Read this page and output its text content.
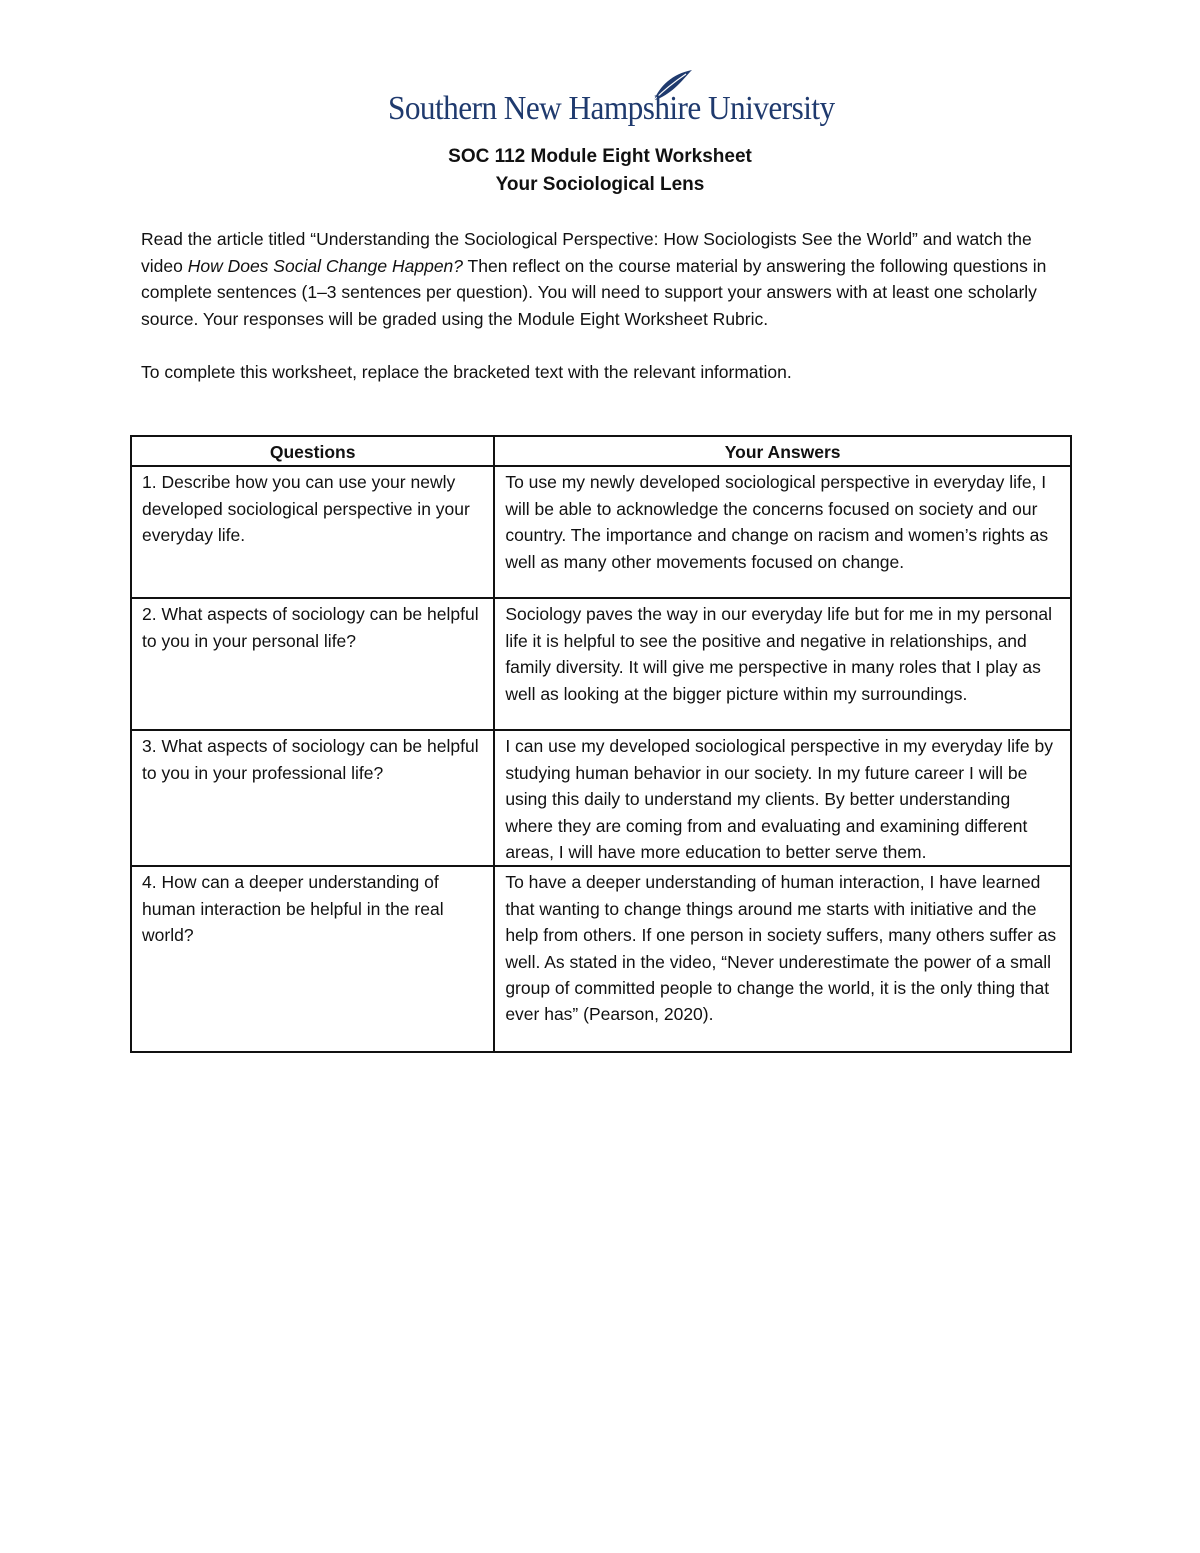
Southern New Hampshire University
SOC 112 Module Eight Worksheet
Your Sociological Lens

Read the article titled “Understanding the Sociological Perspective: How Sociologists See the World” and watch the video How Does Social Change Happen? Then reflect on the course material by answering the following questions in complete sentences (1–3 sentences per question). You will need to support your answers with at least one scholarly source. Your responses will be graded using the Module Eight Worksheet Rubric.

To complete this worksheet, replace the bracketed text with the relevant information.

Questions	Your Answers
1. Describe how you can use your newly developed sociological perspective in your everyday life.	To use my newly developed sociological perspective in everyday life, I will be able to acknowledge the concerns focused on society and our country. The importance and change on racism and women’s rights as well as many other movements focused on change.
2. What aspects of sociology can be helpful to you in your personal life?	Sociology paves the way in our everyday life but for me in my personal life it is helpful to see the positive and negative in relationships, and family diversity. It will give me perspective in many roles that I play as well as looking at the bigger picture within my surroundings.
3. What aspects of sociology can be helpful to you in your professional life?	I can use my developed sociological perspective in my everyday life by studying human behavior in our society. In my future career I will be using this daily to understand my clients. By better understanding where they are coming from and evaluating and examining different areas, I will have more education to better serve them.
4. How can a deeper understanding of human interaction be helpful in the real world?	To have a deeper understanding of human interaction, I have learned that wanting to change things around me starts with initiative and the help from others. If one person in society suffers, many others suffer as well. As stated in the video, “Never underestimate the power of a small group of committed people to change the world, it is the only thing that ever has” (Pearson, 2020).
